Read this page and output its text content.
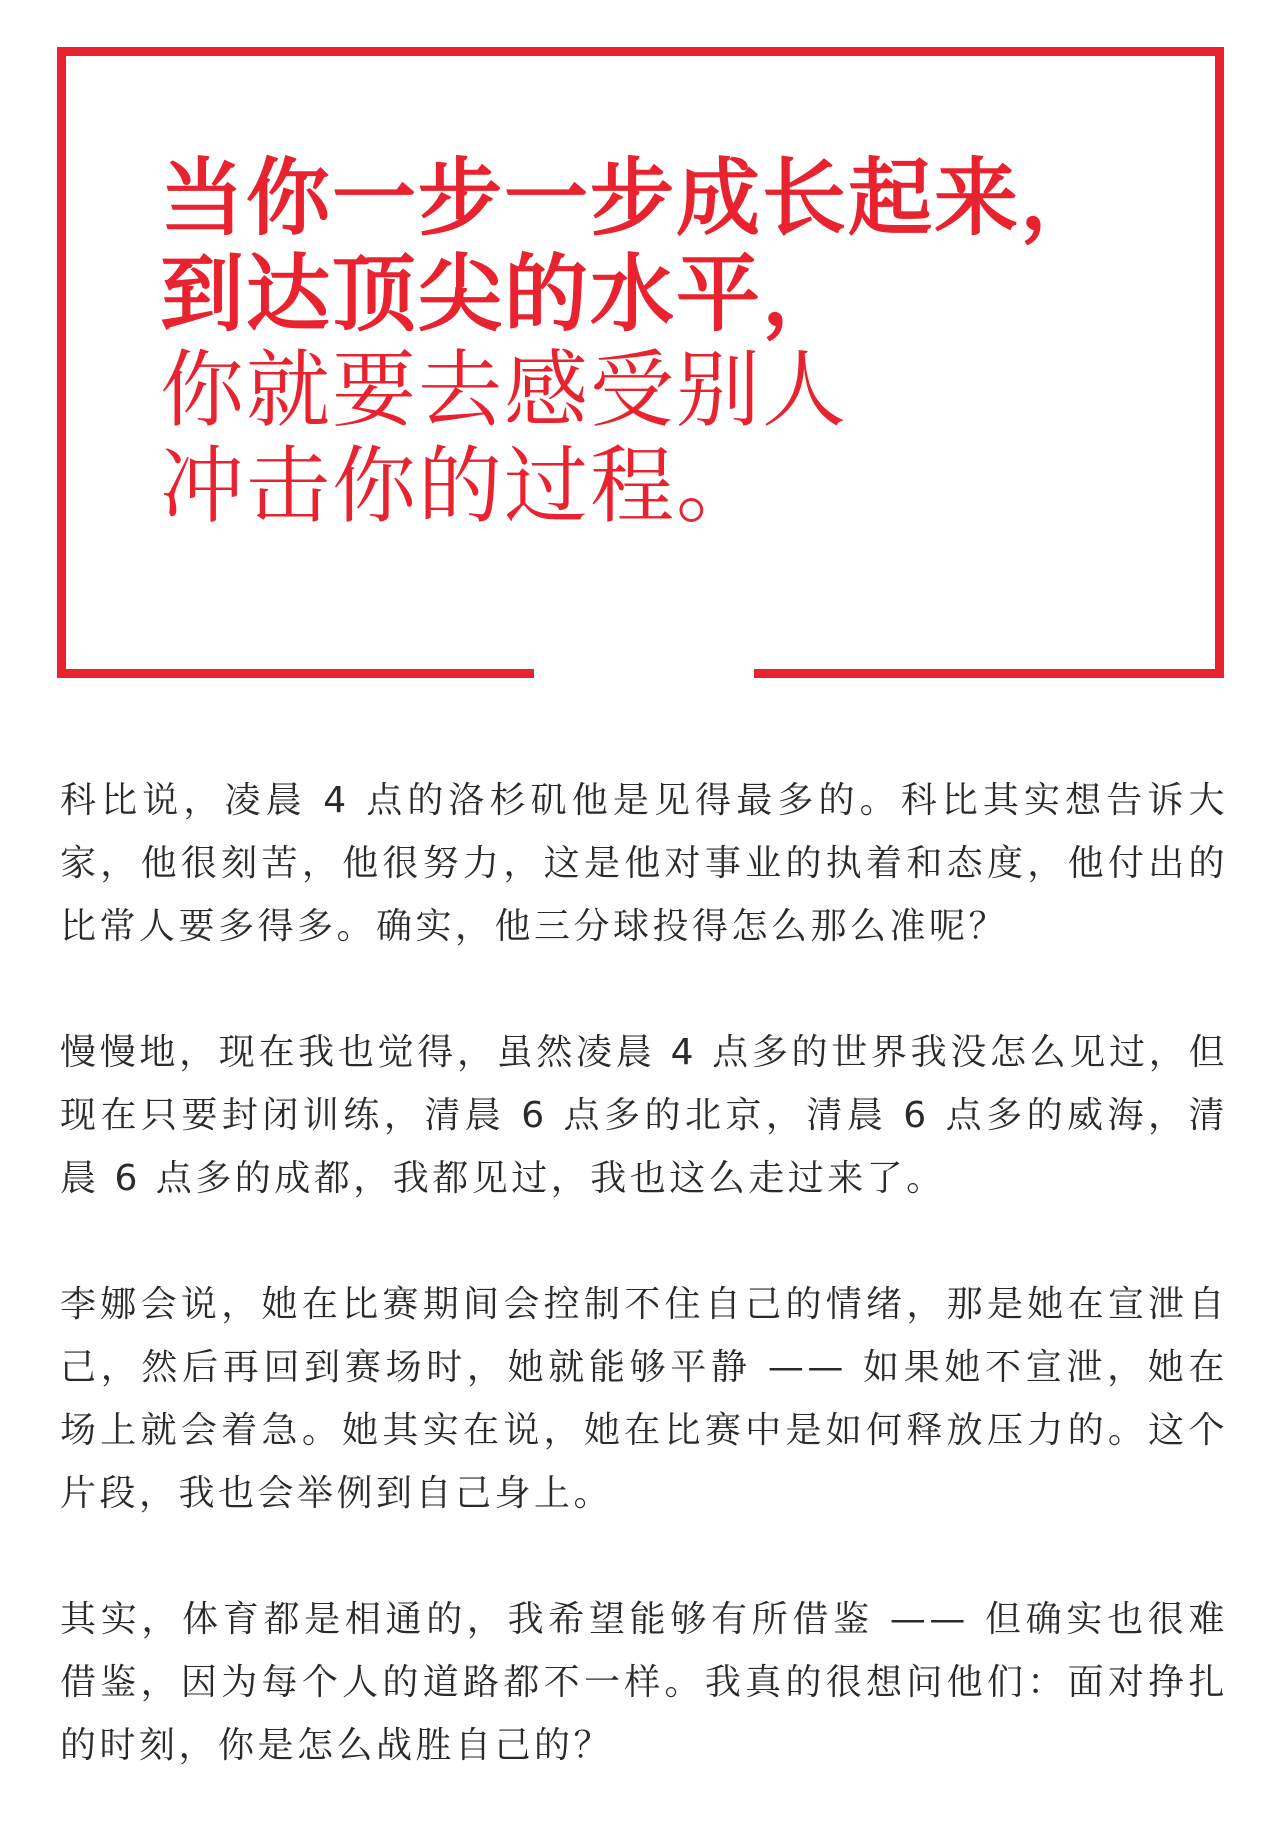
当你一步一步成长起来，
到达顶尖的水平，
你就要去感受别人
冲击你的过程。

科比说，凌晨 4 点的洛杉矶他是见得最多的。科比其实想告诉大家，他很刻苦，他很努力，这是他对事业的执着和态度，他付出的比常人要多得多。确实，他三分球投得怎么那么准呢？

慢慢地，现在我也觉得，虽然凌晨 4 点多的世界我没怎么见过，但现在只要封闭训练，清晨 6 点多的北京，清晨 6 点多的威海，清晨 6 点多的成都，我都见过，我也这么走过来了。

李娜会说，她在比赛期间会控制不住自己的情绪，那是她在宣泄自己，然后再回到赛场时，她就能够平静 —— 如果她不宣泄，她在场上就会着急。她其实在说，她在比赛中是如何释放压力的。这个片段，我也会举例到自己身上。

其实，体育都是相通的，我希望能够有所借鉴 —— 但确实也很难借鉴，因为每个人的道路都不一样。我真的很想问他们：面对挣扎的时刻，你是怎么战胜自己的？
